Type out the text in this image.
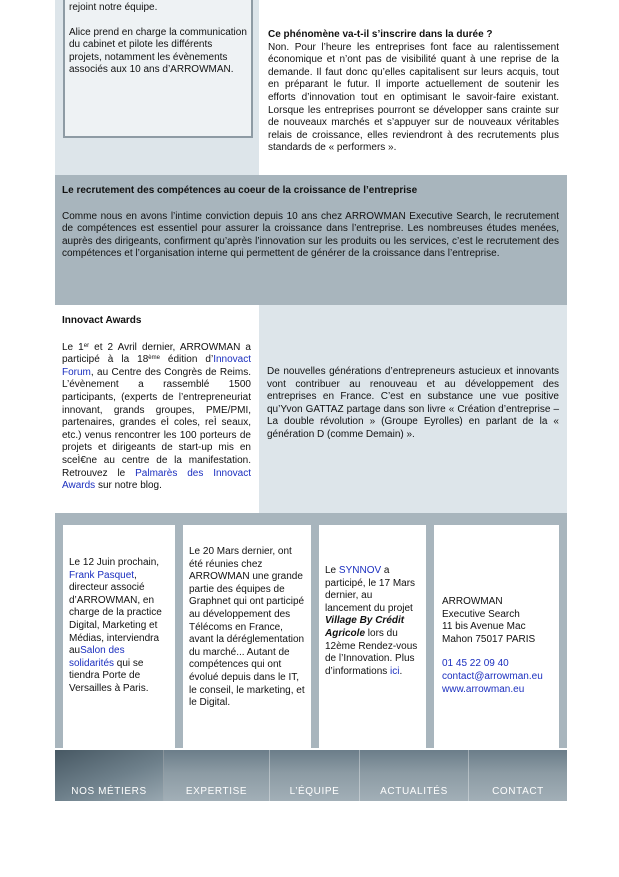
rejoint notre équipe.

Alice prend en charge la communication du cabinet et pilote les différents projets, notamment les évènements associés aux 10 ans d’ARROWMAN.

Ce phénomène va-t-il s’inscrire dans la durée ?

Non. Pour l’heure les entreprises font face au ralentissement économique et n’ont pas de visibilité quant à une reprise de la demande. Il faut donc qu’elles capitalisent sur leurs acquis, tout en préparant le futur. Il importe actuellement de soutenir les efforts d’innovation tout en optimisant le savoir-faire existant. Lorsque les entreprises pourront se développer sans crainte sur de nouveaux marchés et s’appuyer sur de nouveaux véritables relais de croissance, elles reviendront à des recrutements plus standards de « performers ».

Le recrutement des compétences au coeur de la croissance de l’entreprise

Comme nous en avons l’intime conviction depuis 10 ans chez ARROWMAN Executive Search, le recrutement de compétences est essentiel pour assurer la croissance dans l’entreprise. Les nombreuses études menées, auprès des dirigeants, confirment qu’après l’innovation sur les produits ou les services, c’est le recrutement des compétences et l’organisation interne qui permettent de générer de la croissance dans l’entreprise.

Innovact Awards

Le 1er et 2 Avril dernier, ARROWMAN a participé à la 18ème édition d’Innovact Forum, au Centre des Congrès de Reims. L’évènement a rassemblé 1500 participants, (experts de l’entrepreneuriat innovant, grands groupes, PME/PMI, partenaires, grandes eÌ coles, reÌ seaux, etc.) venus rencontrer les 100 porteurs de projets et dirigeants de start-up mis en sceÌ€ne au centre de la manifestation. Retrouvez le Palmarès des Innovact Awards sur notre blog.

De nouvelles générations d’entrepreneurs astucieux et innovants vont contribuer au renouveau et au développement des entreprises en France. C’est en substance une vue positive qu’Yvon GATTAZ partage dans son livre « Création d’entreprise – La double révolution » (Groupe Eyrolles) en parlant de la « génération D (comme Demain) ».

Le 12 Juin prochain, Frank Pasquet, directeur associé d’ARROWMAN, en charge de la practice Digital, Marketing et Médias, interviendra auSalon des solidarités qui se tiendra Porte de Versailles à Paris.

Le 20 Mars dernier, ont été réunies chez ARROWMAN une grande partie des équipes de Graphnet qui ont participé au développement des Télécoms en France, avant la déréglementation du marché... Autant de compétences qui ont évolué depuis dans le IT, le conseil, le marketing, et le Digital.

Le SYNNOV a participé, le 17 Mars dernier, au lancement du projet Village By Crédit Agricole lors du 12ème Rendez-vous de l’Innovation. Plus d’informations ici.

ARROWMAN
Executive Search
11 bis Avenue Mac
Mahon 75017 PARIS
01 45 22 09 40
contact@arrowman.eu
www.arrowman.eu
NOS MÉTIERS	EXPERTISE	L’ÉQUIPE	ACTUALITÉS	CONTACT
